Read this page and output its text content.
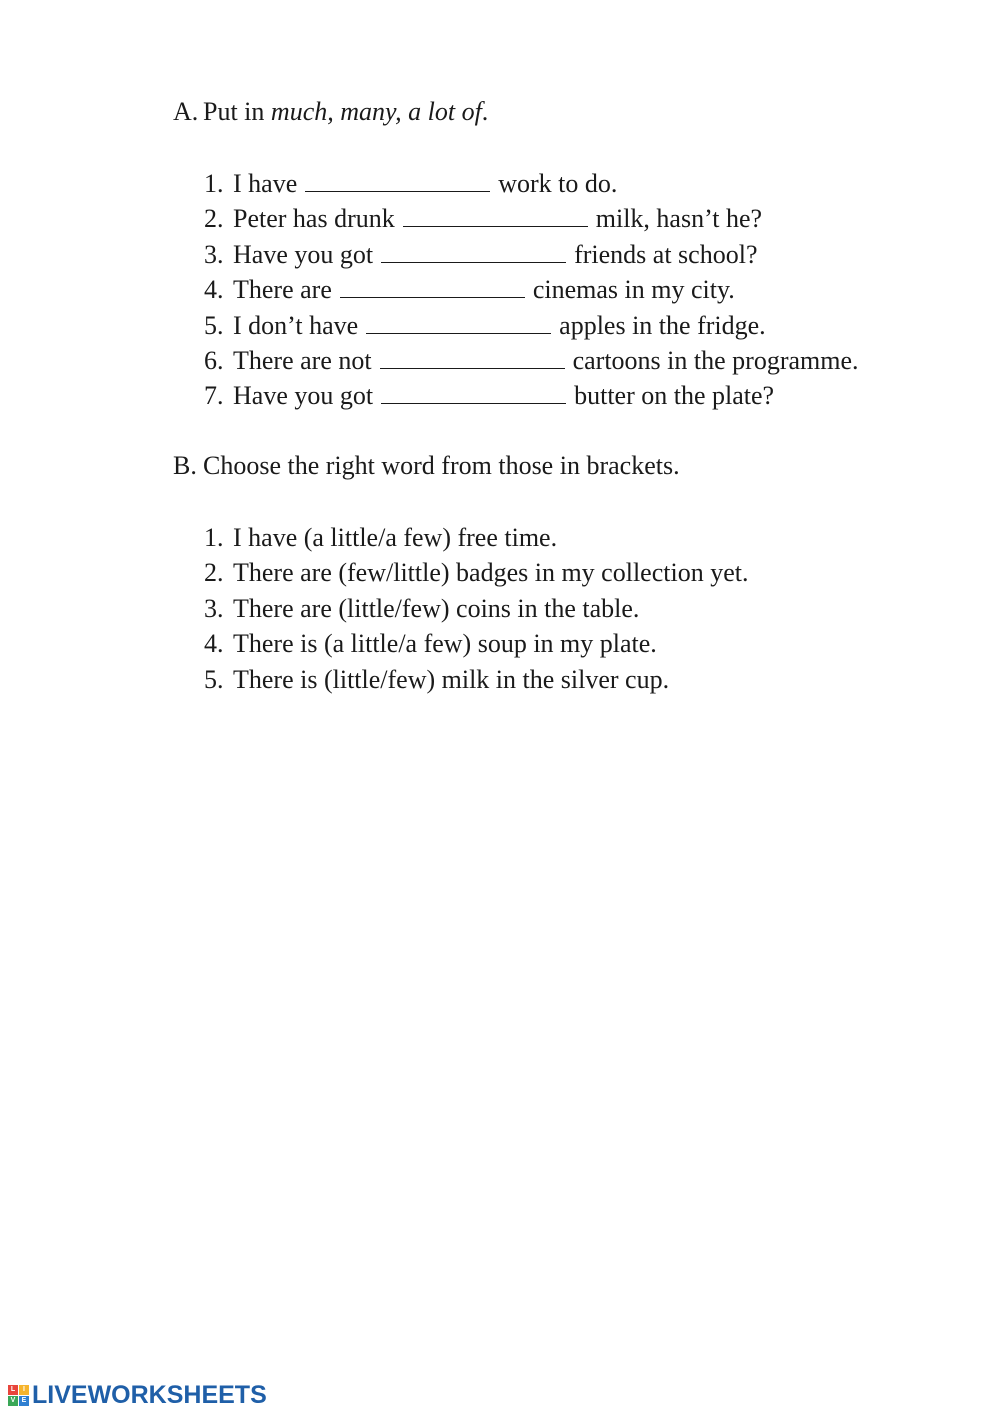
A. Put in much, many, a lot of.
1. I have	work to do.
2. Peter has drunk	milk, hasn’t he?
3. Have you got	friends at school?
4. There are	cinemas in my city.
5. I don’t have	apples in the fridge.
6. There are not	cartoons in the programme.
7. Have you got	butter on the plate?
B. Choose the right word from those in brackets.
1. I have (a little/a few) free time.
2. There are (few/little) badges in my collection yet.
3. There are (little/few) coins in the table.
4. There is (a little/a few) soup in my plate.
5. There is (little/few) milk in the silver cup.
L	I
V E LIVEWORKSHEETS
